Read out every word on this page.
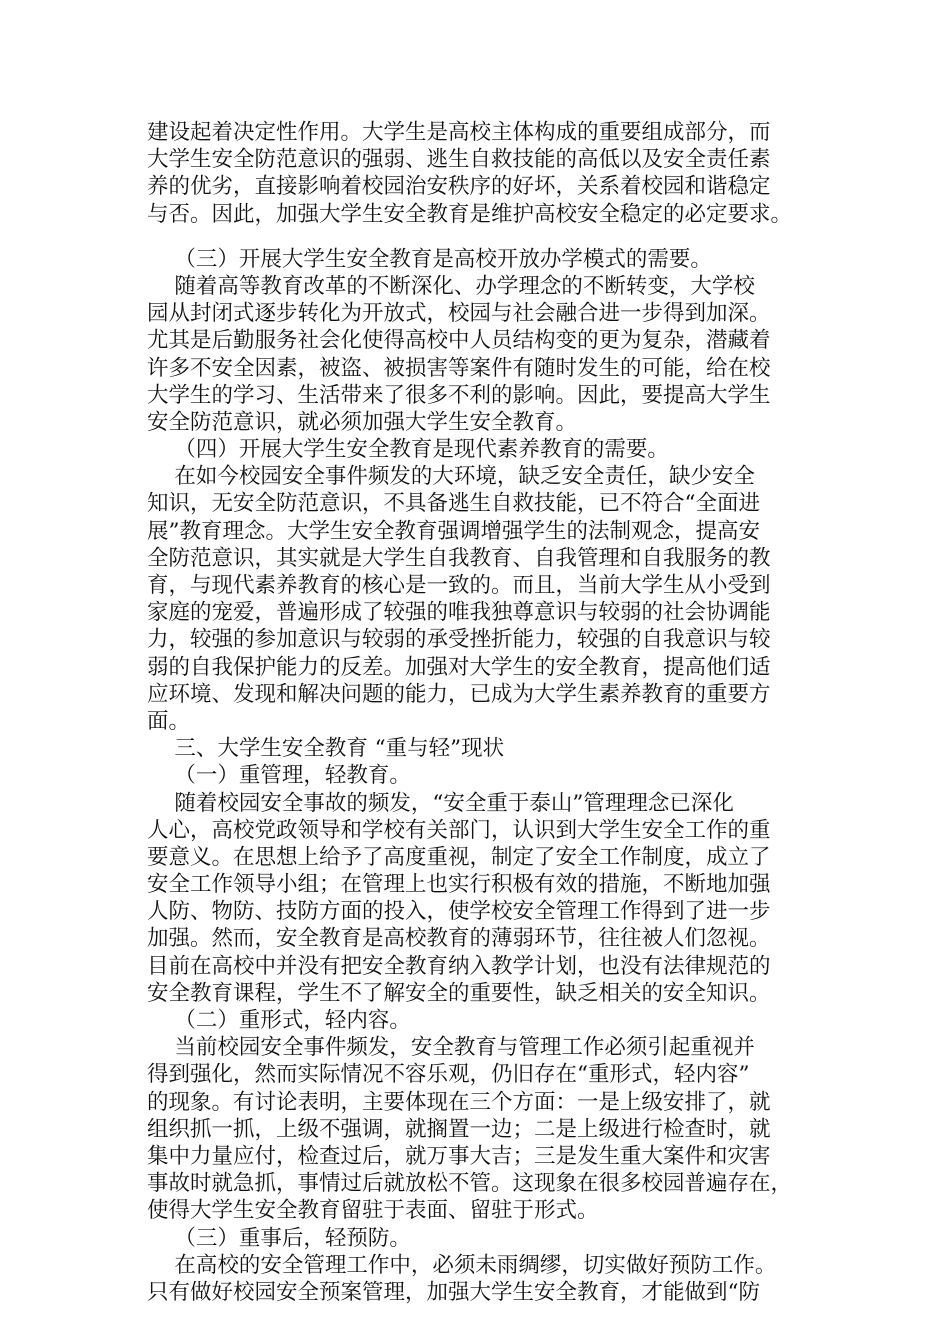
建设起着决定性作用。大学生是高校主体构成的重要组成部分，而
大学生安全防范意识的强弱、逃生自救技能的高低以及安全责任素
养的优劣，直接影响着校园治安秩序的好坏，关系着校园和谐稳定
与否。因此，加强大学生安全教育是维护高校安全稳定的必定要求。
（三）开展大学生安全教育是高校开放办学模式的需要。
随着高等教育改革的不断深化、办学理念的不断转变，大学校
园从封闭式逐步转化为开放式，校园与社会融合进一步得到加深。
尤其是后勤服务社会化使得高校中人员结构变的更为复杂，潜藏着
许多不安全因素，被盗、被损害等案件有随时发生的可能，给在校
大学生的学习、生活带来了很多不利的影响。因此，要提高大学生
安全防范意识，就必须加强大学生安全教育。
（四）开展大学生安全教育是现代素养教育的需要。
在如今校园安全事件频发的大环境，缺乏安全责任，缺少安全
知识，无安全防范意识，不具备逃生自救技能，已不符合“全面进
展”教育理念。大学生安全教育强调增强学生的法制观念，提高安
全防范意识，其实就是大学生自我教育、自我管理和自我服务的教
育，与现代素养教育的核心是一致的。而且，当前大学生从小受到
家庭的宠爱，普遍形成了较强的唯我独尊意识与较弱的社会协调能
力，较强的参加意识与较弱的承受挫折能力，较强的自我意识与较
弱的自我保护能力的反差。加强对大学生的安全教育，提高他们适
应环境、发现和解决问题的能力，已成为大学生素养教育的重要方
面。
三、大学生安全教育 “重与轻”现状
（一）重管理，轻教育。
随着校园安全事故的频发，“安全重于泰山”管理理念已深化
人心，高校党政领导和学校有关部门，认识到大学生安全工作的重
要意义。在思想上给予了高度重视，制定了安全工作制度，成立了
安全工作领导小组；在管理上也实行积极有效的措施，不断地加强
人防、物防、技防方面的投入，使学校安全管理工作得到了进一步
加强。然而，安全教育是高校教育的薄弱环节，往往被人们忽视。
目前在高校中并没有把安全教育纳入教学计划，也没有法律规范的
安全教育课程，学生不了解安全的重要性，缺乏相关的安全知识。
（二）重形式，轻内容。
当前校园安全事件频发，安全教育与管理工作必须引起重视并
得到强化，然而实际情况不容乐观，仍旧存在“重形式，轻内容”
的现象。有讨论表明，主要体现在三个方面：一是上级安排了，就
组织抓一抓，上级不强调，就搁置一边；二是上级进行检查时，就
集中力量应付，检查过后，就万事大吉；三是发生重大案件和灾害
事故时就急抓，事情过后就放松不管。这现象在很多校园普遍存在，
使得大学生安全教育留驻于表面、留驻于形式。
（三）重事后，轻预防。
在高校的安全管理工作中，必须未雨绸缪，切实做好预防工作。
只有做好校园安全预案管理，加强大学生安全教育，才能做到“防
